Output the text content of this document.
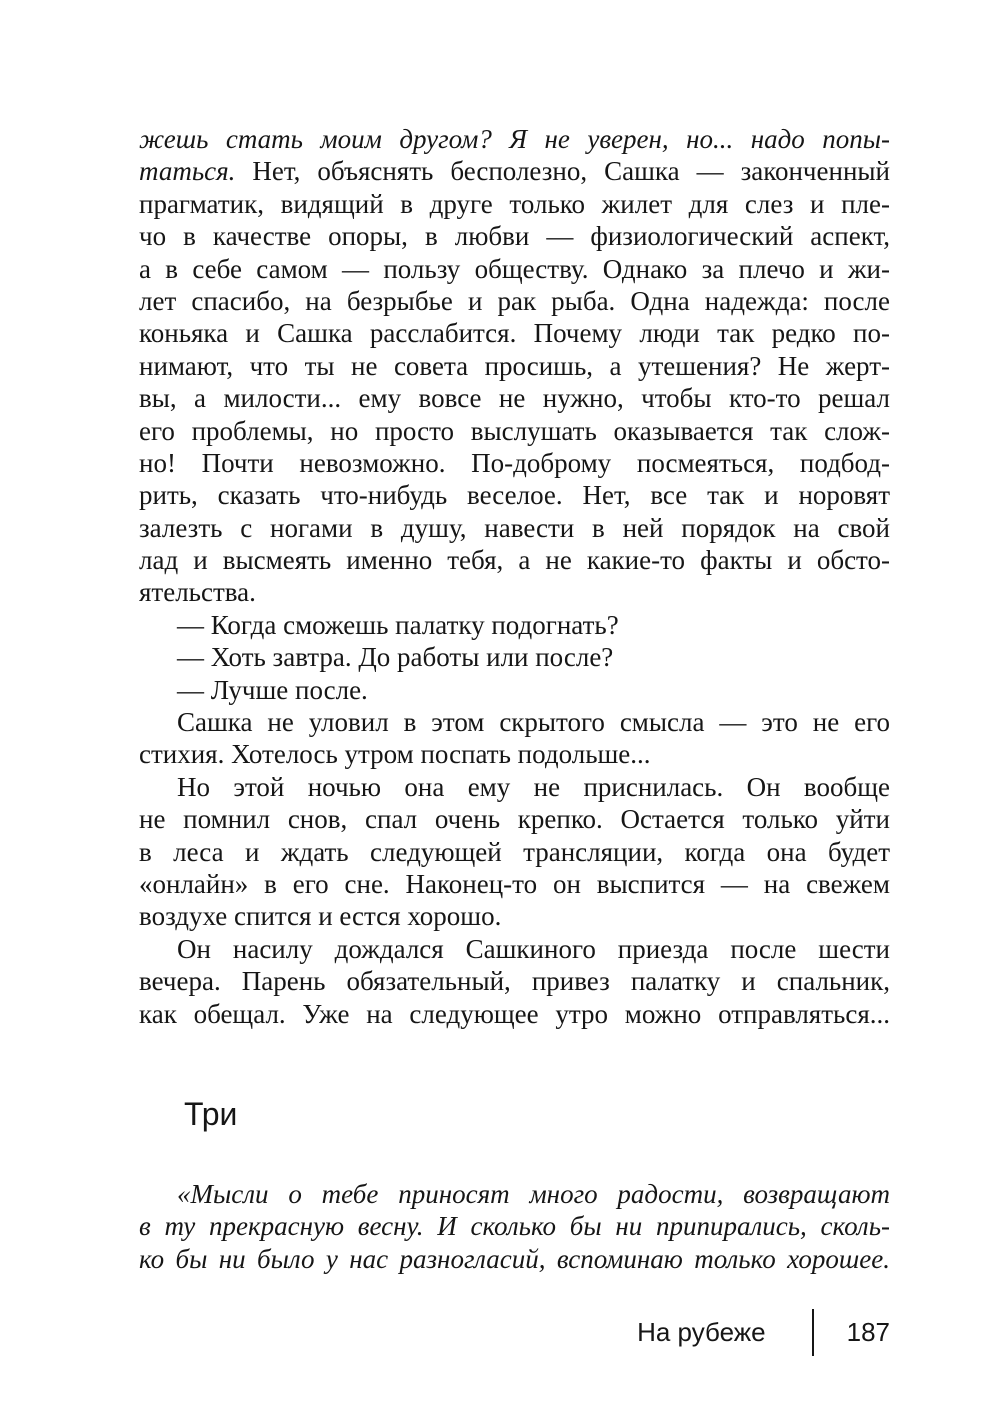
жешь стать моим другом? Я не уверен, но... надо попы-
таться. Нет, объяснять бесполезно, Сашка — законченный
прагматик, видящий в друге только жилет для слез и пле-
чо в качестве опоры, в любви — физиологический аспект,
а в себе самом — пользу обществу. Однако за плечо и жи-
лет спасибо, на безрыбье и рак рыба. Одна надежда: после
коньяка и Сашка расслабится. Почему люди так редко по-
нимают, что ты не совета просишь, а утешения? Не жерт-
вы, а милости... ему вовсе не нужно, чтобы кто-то решал
его проблемы, но просто выслушать оказывается так слож-
но! Почти невозможно. По-доброму посмеяться, подбод-
рить, сказать что-нибудь веселое. Нет, все так и норовят
залезть с ногами в душу, навести в ней порядок на свой
лад и высмеять именно тебя, а не какие-то факты и обсто-
ятельства.
— Когда сможешь палатку подогнать?
— Хоть завтра. До работы или после?
— Лучше после.
Сашка не уловил в этом скрытого смысла — это не его
стихия. Хотелось утром поспать подольше...
Но этой ночью она ему не приснилась. Он вообще
не помнил снов, спал очень крепко. Остается только уйти
в леса и ждать следующей трансляции, когда она будет
«онлайн» в его сне. Наконец-то он выспится — на свежем
воздухе спится и естся хорошо.
Он насилу дождался Сашкиного приезда после шести
вечера. Парень обязательный, привез палатку и спальник,
как обещал. Уже на следующее утро можно отправляться...
Три
«Мысли о тебе приносят много радости, возвращают
в ту прекрасную весну. И сколько бы ни припирались, сколь-
ко бы ни было у нас разногласий, вспоминаю только хорошее.
На рубеже	187
